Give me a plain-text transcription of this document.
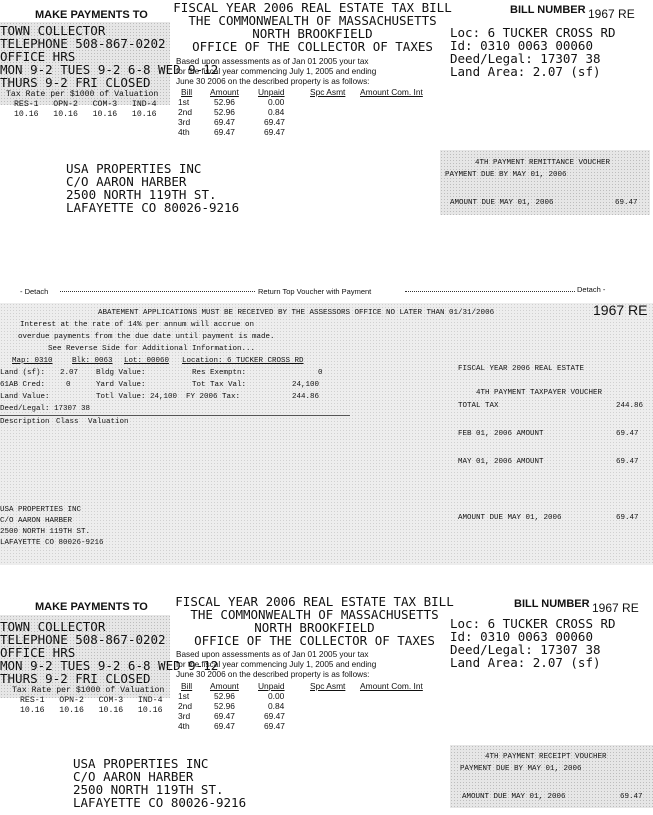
MAKE PAYMENTS TO
TOWN COLLECTOR
TELEPHONE 508-867-0202
OFFICE HRS
MON 9-2 TUES 9-2 6-8 WED 9-12
THURS 9-2 FRI CLOSED
Tax Rate per $1000 of Valuation
RES-1   OPN-2   COM-3   IND-4
10.16   10.16   10.16   10.16
FISCAL YEAR 2006 REAL ESTATE TAX BILL
THE COMMONWEALTH OF MASSACHUSETTS
NORTH BROOKFIELD
OFFICE OF THE COLLECTOR OF TAXES
Based upon assessments as of Jan 01 2005 your tax
for the fiscal year commencing July 1, 2005 and ending
June 30 2006 on the described property is as follows:
Bill Amount Unpaid	Spc Asmt Amount Com. Int
1st	52.96	0.00
2nd	52.96	0.84
3rd	69.47	69.47
4th	69.47	69.47
BILL NUMBER 1967 RE
Loc: 6 TUCKER CROSS RD
Id: 0310 0063 00060
Deed/Legal: 17307 38
Land Area: 2.07 (sf)
USA PROPERTIES INC
C/O AARON HARBER
2500 NORTH 119TH ST.
LAFAYETTE CO 80026-9216
4TH PAYMENT REMITTANCE VOUCHER
PAYMENT DUE BY MAY 01, 2006
AMOUNT DUE MAY 01, 2006	69.47
- Detach	Return Top Voucher with Payment	Detach -
ABATEMENT APPLICATIONS MUST BE RECEIVED BY THE ASSESSORS OFFICE NO LATER THAN 01/31/2006	1967 RE
Interest at the rate of 14% per annum will accrue on
overdue payments from the due date until payment is made.
See Reverse Side for Additional Information...
Map: 0310	Blk: 0063 Lot: 00060 Location: 6 TUCKER CROSS RD
Land (sf): 2.07 Bldg Value:	Res Exemptn:	0
61AB Cred:	0	Yard Value:	Tot Tax Val:	24,100
Land Value:	Totl Value: 24,100 FY 2006 Tax:	244.86
Deed/Legal: 17307 38
Description Class Valuation
USA PROPERTIES INC
C/O AARON HARBER
2500 NORTH 119TH ST.
LAFAYETTE CO 80026-9216
FISCAL YEAR 2006 REAL ESTATE
4TH PAYMENT TAXPAYER VOUCHER
TOTAL TAX	244.86
FEB 01, 2006 AMOUNT	69.47
MAY 01, 2006 AMOUNT	69.47
AMOUNT DUE MAY 01, 2006	69.47
MAKE PAYMENTS TO
TOWN COLLECTOR
TELEPHONE 508-867-0202
OFFICE HRS
MON 9-2 TUES 9-2 6-8 WED 9-12
THURS 9-2 FRI CLOSED
Tax Rate per $1000 of Valuation
RES-1   OPN-2   COM-3   IND-4
10.16   10.16   10.16   10.16
FISCAL YEAR 2006 REAL ESTATE TAX BILL
THE COMMONWEALTH OF MASSACHUSETTS
NORTH BROOKFIELD
OFFICE OF THE COLLECTOR OF TAXES
Based upon assessments as of Jan 01 2005 your tax
for the fiscal year commencing July 1, 2005 and ending
June 30 2006 on the described property is as follows:
Bill Amount Unpaid	Spc Asmt Amount Com. Int
1st	52.96	0.00
2nd	52.96	0.84
3rd	69.47	69.47
4th	69.47	69.47
BILL NUMBER 1967 RE
Loc: 6 TUCKER CROSS RD
Id: 0310 0063 00060
Deed/Legal: 17307 38
Land Area: 2.07 (sf)
USA PROPERTIES INC
C/O AARON HARBER
2500 NORTH 119TH ST.
LAFAYETTE CO 80026-9216
4TH PAYMENT RECEIPT VOUCHER
PAYMENT DUE BY MAY 01, 2006
AMOUNT DUE MAY 01, 2006	69.47
